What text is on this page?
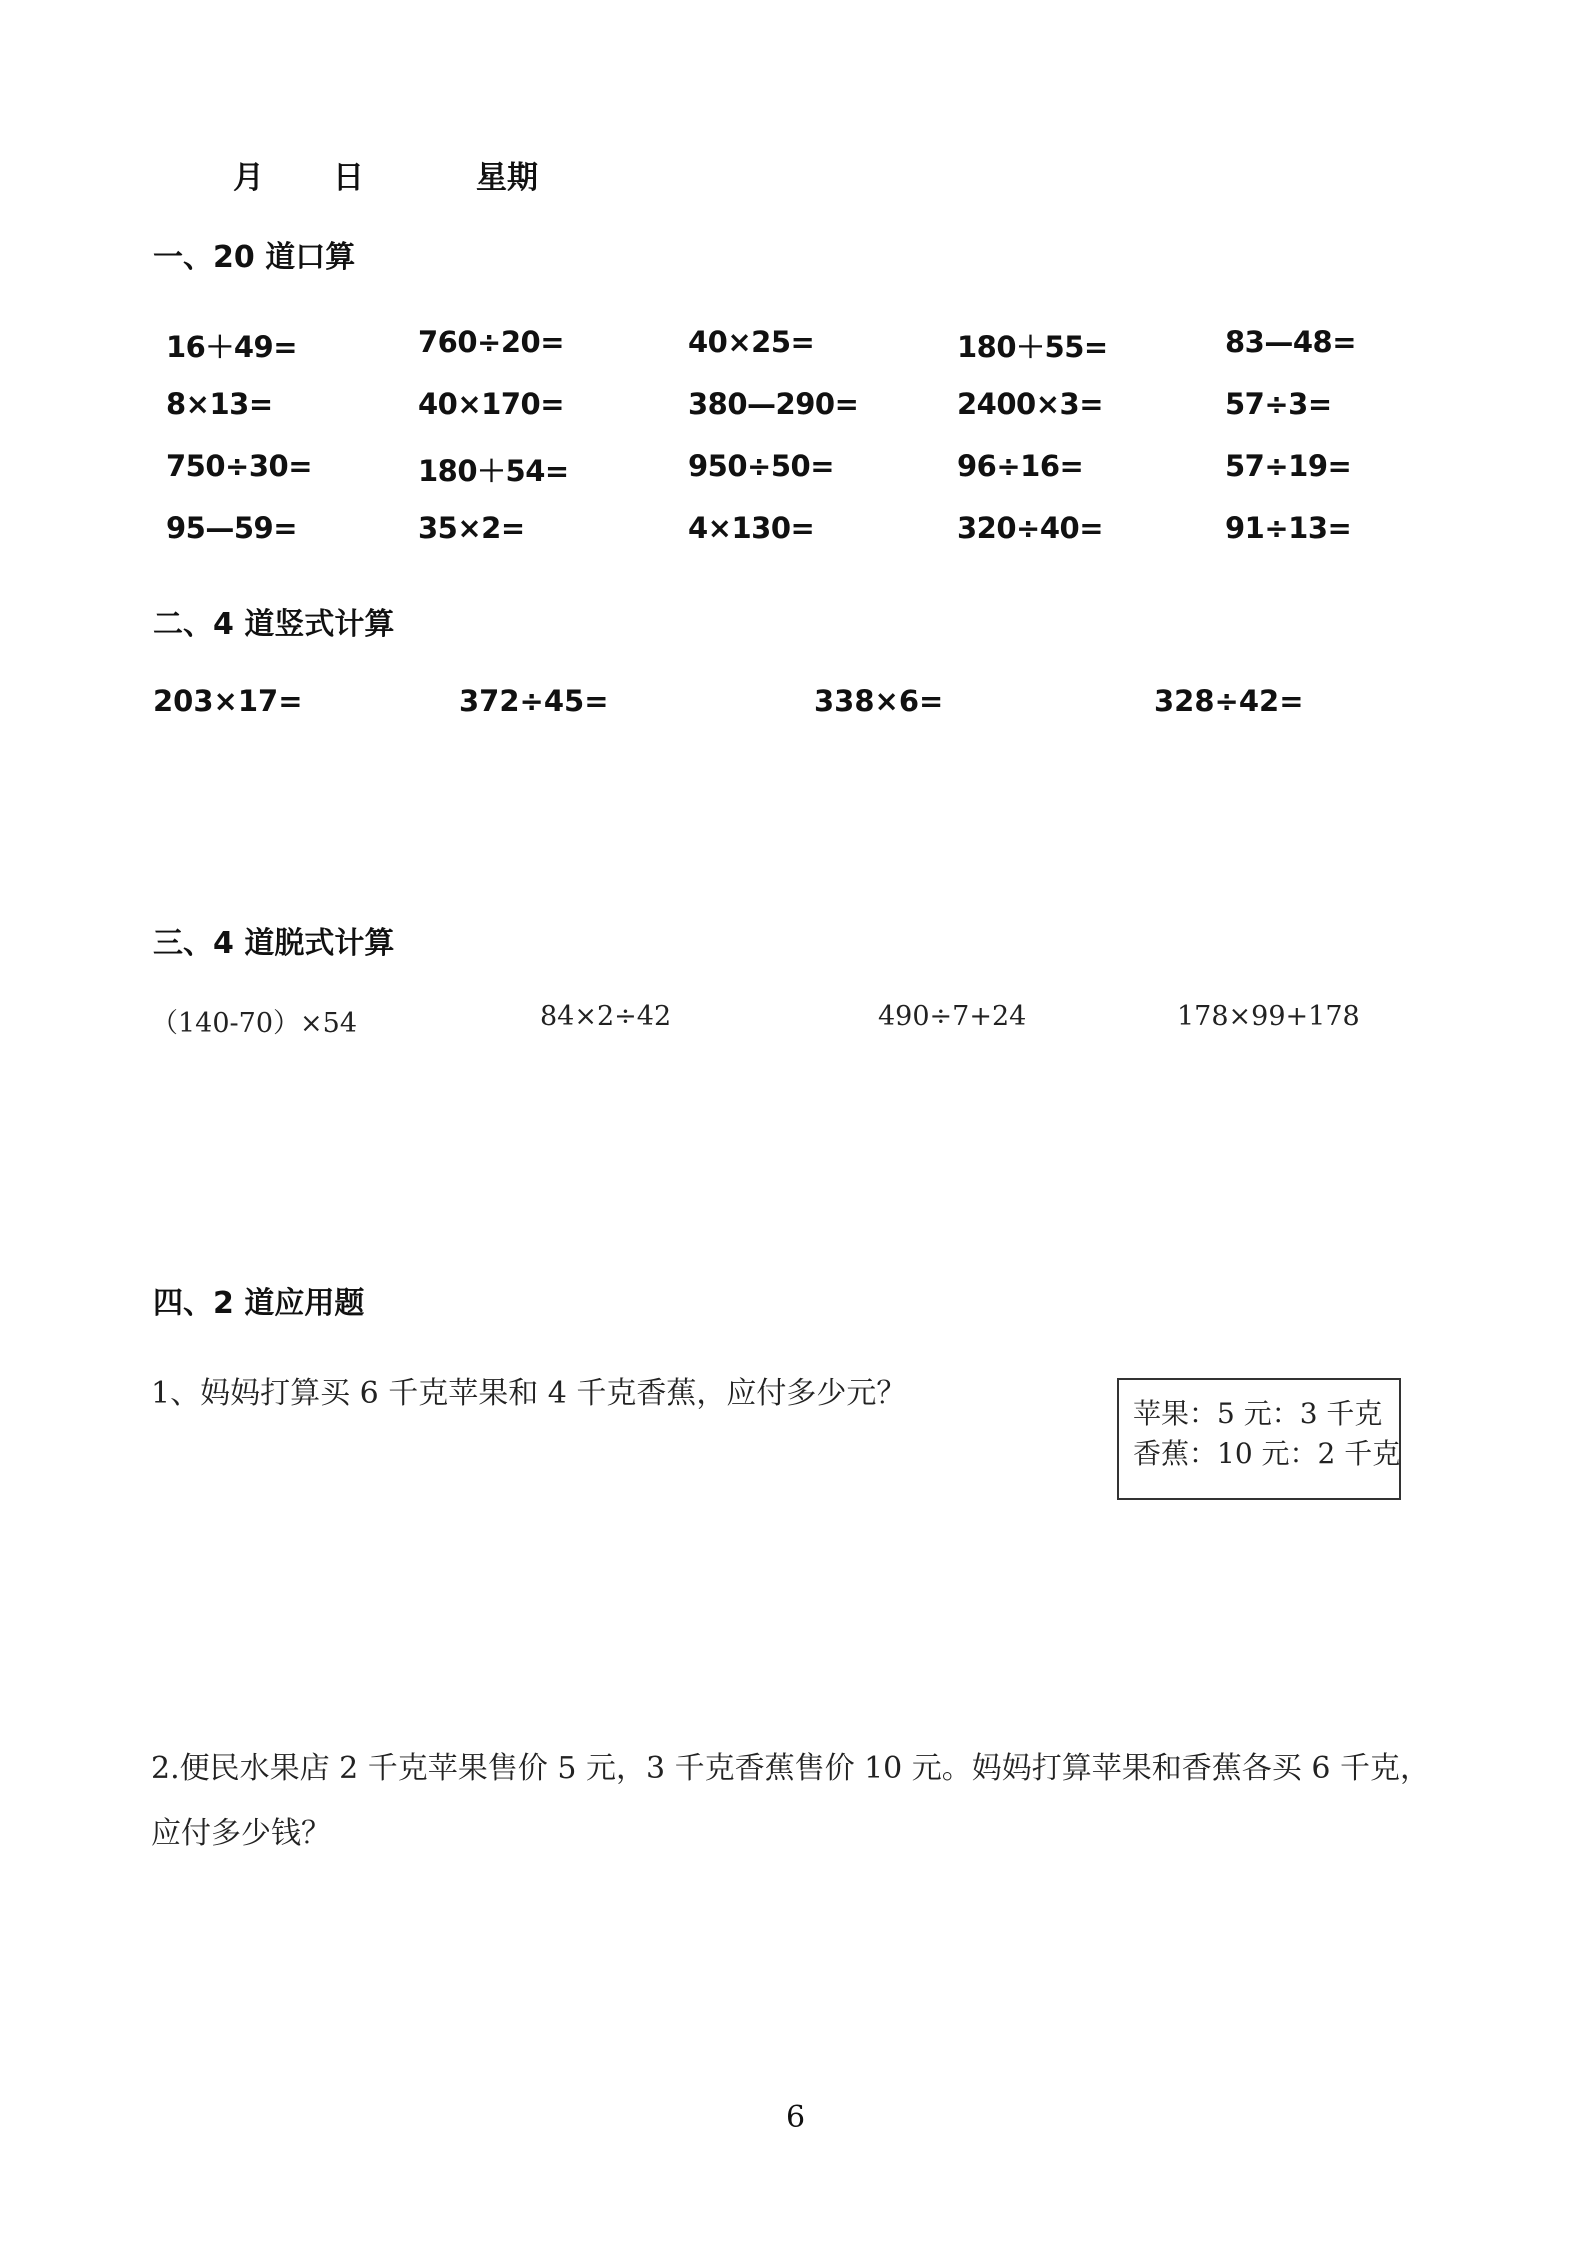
月 日	星期
一、20 道口算
16＋49=	760÷20=	40×25=	180＋55=	83—48=
8×13=	40×170=	380—290=	2400×3=	57÷3=
750÷30=	180＋54=	950÷50=	96÷16=	57÷19=
95—59=	35×2=	4×130=	320÷40=	91÷13=
二、4 道竖式计算
203×17=	372÷45=	338×6=	328÷42=
三、4 道脱式计算
（140-70）×54	84×2÷42	490÷7+24	178×99+178
四、2 道应用题
1、妈妈打算买 6 千克苹果和 4 千克香蕉，应付多少元？
苹果：5 元：3 千克
香蕉：10 元：2 千克
2.便民水果店 2 千克苹果售价 5 元，3 千克香蕉售价 10 元。妈妈打算苹果和香蕉各买 6 千克，
应付多少钱？
6
